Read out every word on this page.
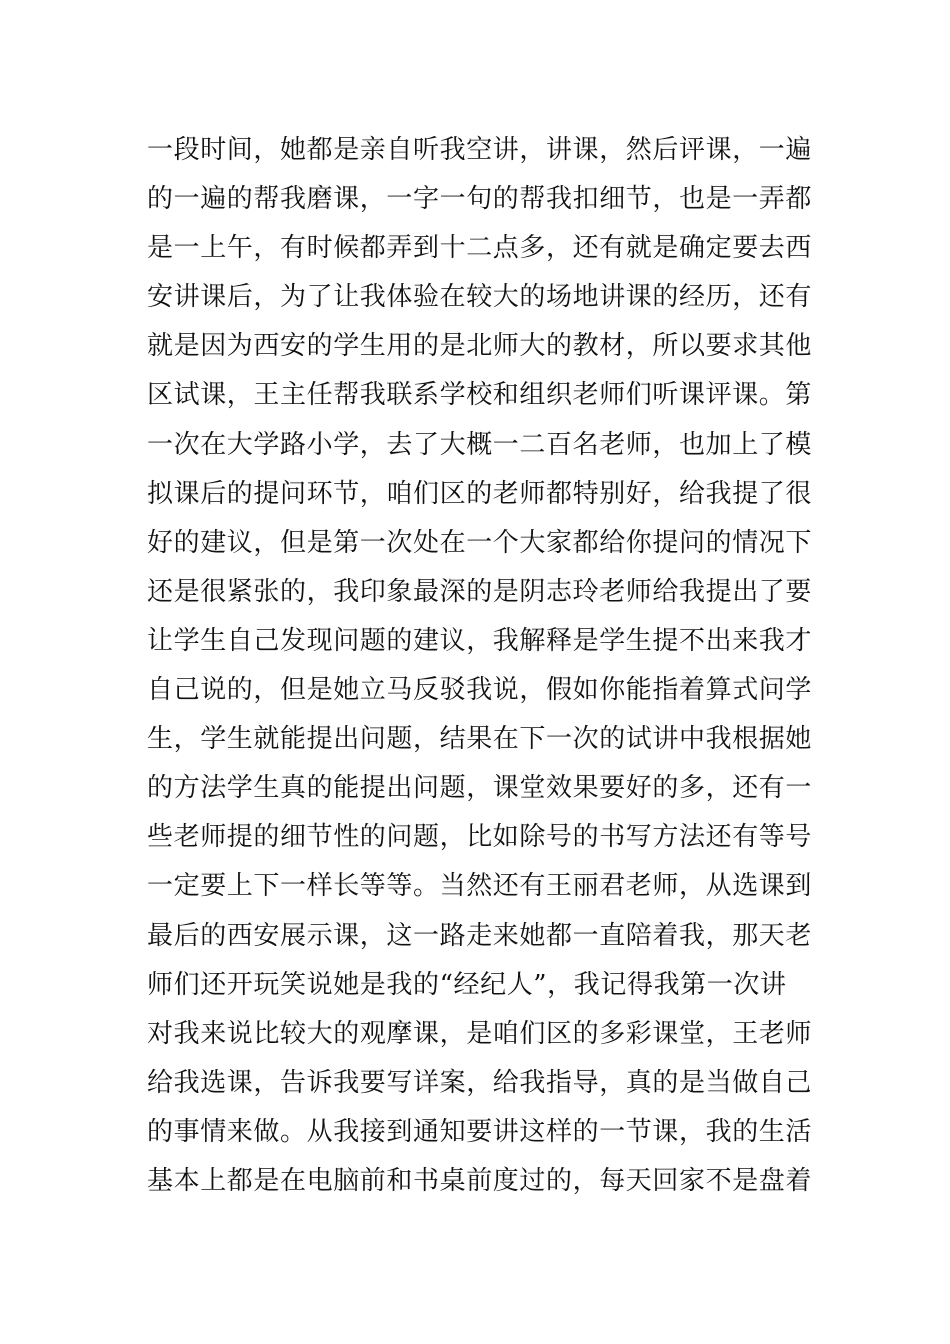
一段时间，她都是亲自听我空讲，讲课，然后评课，一遍
的一遍的帮我磨课，一字一句的帮我扣细节，也是一弄都
是一上午，有时候都弄到十二点多，还有就是确定要去西
安讲课后，为了让我体验在较大的场地讲课的经历，还有
就是因为西安的学生用的是北师大的教材，所以要求其他
区试课，王主任帮我联系学校和组织老师们听课评课。第
一次在大学路小学，去了大概一二百名老师，也加上了模
拟课后的提问环节，咱们区的老师都特别好，给我提了很
好的建议，但是第一次处在一个大家都给你提问的情况下
还是很紧张的，我印象最深的是阴志玲老师给我提出了要
让学生自己发现问题的建议，我解释是学生提不出来我才
自己说的，但是她立马反驳我说，假如你能指着算式问学
生，学生就能提出问题，结果在下一次的试讲中我根据她
的方法学生真的能提出问题，课堂效果要好的多，还有一
些老师提的细节性的问题，比如除号的书写方法还有等号
一定要上下一样长等等。当然还有王丽君老师，从选课到
最后的西安展示课，这一路走来她都一直陪着我，那天老
师们还开玩笑说她是我的“经纪人”，我记得我第一次讲
对我来说比较大的观摩课，是咱们区的多彩课堂，王老师
给我选课，告诉我要写详案，给我指导，真的是当做自己
的事情来做。从我接到通知要讲这样的一节课，我的生活
基本上都是在电脑前和书桌前度过的，每天回家不是盘着
